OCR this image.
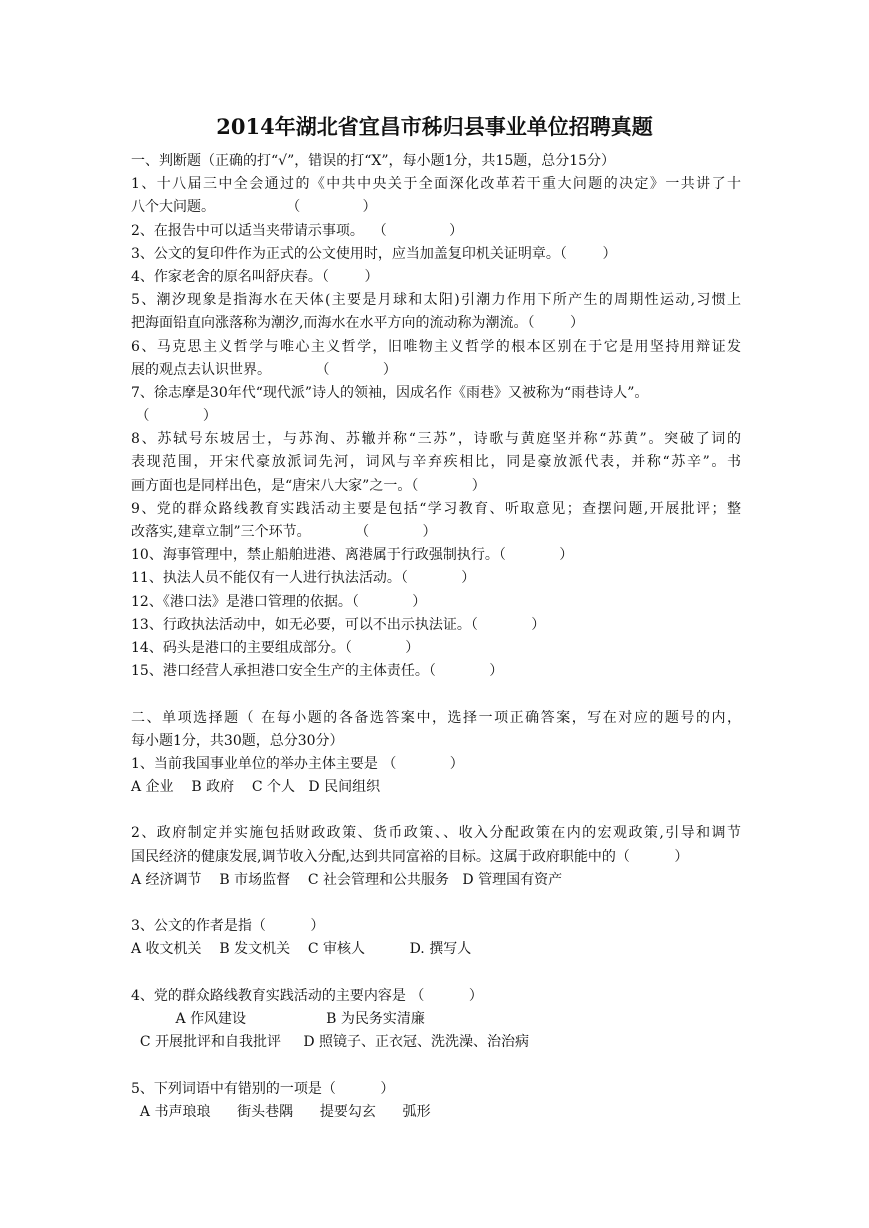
2014年湖北省宜昌市秭归县事业单位招聘真题
一、判断题（正确的打“√”，错误的打“X”，每小题1分，共15题，总分15分）
1、十八届三中全会通过的《中共中央关于全面深化改革若干重大问题的决定》一共讲了十
八个大问题。                （              ）
2、在报告中可以适当夹带请示事项。  （              ）
3、公文的复印件作为正式的公文使用时，应当加盖复印机关证明章。（        ）
4、作家老舍的原名叫舒庆春。（        ）
5、潮汐现象是指海水在天体(主要是月球和太阳)引潮力作用下所产生的周期性运动,习惯上
把海面铅直向涨落称为潮汐,而海水在水平方向的流动称为潮流。（        ）
6、马克思主义哲学与唯心主义哲学，旧唯物主义哲学的根本区别在于它是用坚持用辩证发
展的观点去认识世界。          （            ）
7、徐志摩是30年代“现代派”诗人的领袖，因成名作《雨巷》又被称为“雨巷诗人”。
（            ）
8、苏轼号东坡居士，与苏洵、苏辙并称“三苏”，诗歌与黄庭坚并称“苏黄”。突破了词的
表现范围，开宋代豪放派词先河，词风与辛弃疾相比，同是豪放派代表，并称“苏辛”。书
画方面也是同样出色，是“唐宋八大家”之一。（            ）
9、党的群众路线教育实践活动主要是包括“学习教育、听取意见；查摆问题,开展批评；整
改落实,建章立制”三个环节。          （            ）
10、海事管理中，禁止船舶进港、离港属于行政强制执行。（            ）
11、执法人员不能仅有一人进行执法活动。（            ）
12、《港口法》是港口管理的依据。（            ）
13、行政执法活动中，如无必要，可以不出示执法证。（            ）
14、码头是港口的主要组成部分。（            ）
15、港口经营人承担港口安全生产的主体责任。（            ）
二、单项选择题（ 在每小题的各备选答案中，选择一项正确答案，写在对应的题号的内，
每小题1分，共30题，总分30分）
1、当前我国事业单位的举办主体主要是 （            ）
A 企业    B 政府    C 个人   D 民间组织
2、政府制定并实施包括财政政策、货币政策、、收入分配政策在内的宏观政策,引导和调节
国民经济的健康发展,调节收入分配,达到共同富裕的目标。这属于政府职能中的（          ）
A 经济调节    B 市场监督    C 社会管理和公共服务   D 管理国有资产
3、公文的作者是指（          ）
A 收文机关    B 发文机关    C 审核人          D. 撰写人
4、党的群众路线教育实践活动的主要内容是 （          ）
A 作风建设                  B 为民务实清廉
C 开展批评和自我批评     D 照镜子、正衣冠、洗洗澡、治治病
5、下列词语中有错别的一项是（          ）
A 书声琅琅      街头巷隅      提要勾玄      弧形
